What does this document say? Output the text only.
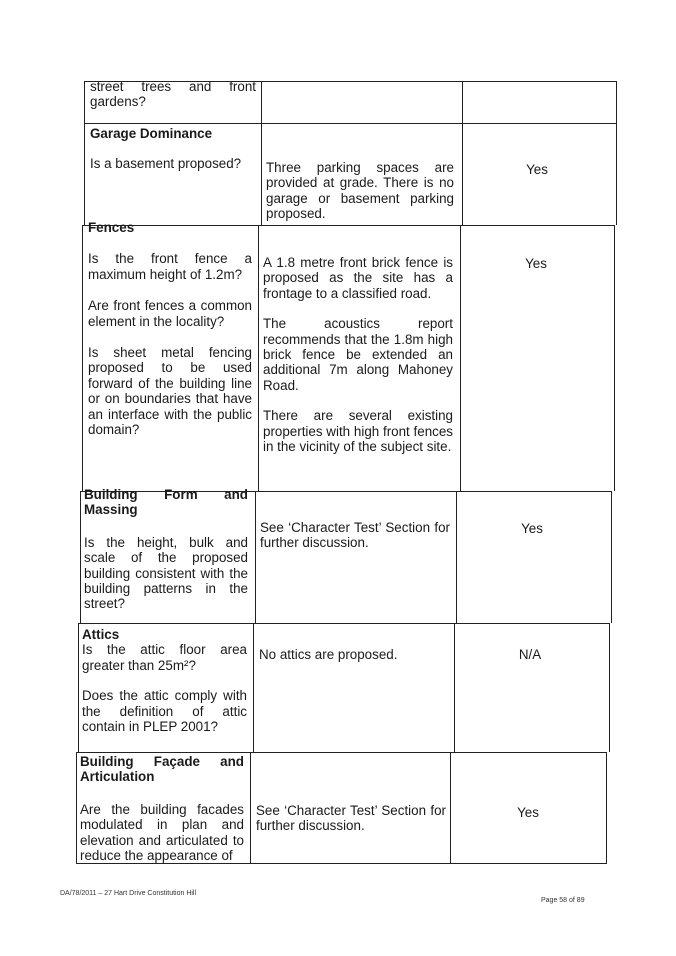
street trees and front gardens?

Garage Dominance

Is a basement proposed?	Three parking spaces are provided at grade. There is no garage or basement parking proposed.

Yes
Fences

Is the front fence a maximum height of 1.2m?

Are front fences a common element in the locality?

Is sheet metal fencing proposed to be used forward of the building line or on boundaries that have an interface with the public domain?

A 1.8 metre front brick fence is proposed as the site has a frontage to a classified road.

The acoustics report recommends that the 1.8m high brick fence be extended an additional 7m along Mahoney Road.

There are several existing properties with high front fences in the vicinity of the subject site.

Yes
Building Form and Massing

Is the height, bulk and scale of the proposed building consistent with the building patterns in the street?

See ‘Character Test’ Section for further discussion.

Yes
Attics

Is the attic floor area greater than 25m²?

Does the attic comply with the definition of attic contain in PLEP 2001?

No attics are proposed.	N/A
Building Façade and Articulation

Are the building facades modulated in plan and elevation and articulated to reduce the appearance of

See ‘Character Test’ Section for further discussion.

Yes
DA/78/2011 – 27 Hart Drive Constitution Hill
Page 58 of 89
